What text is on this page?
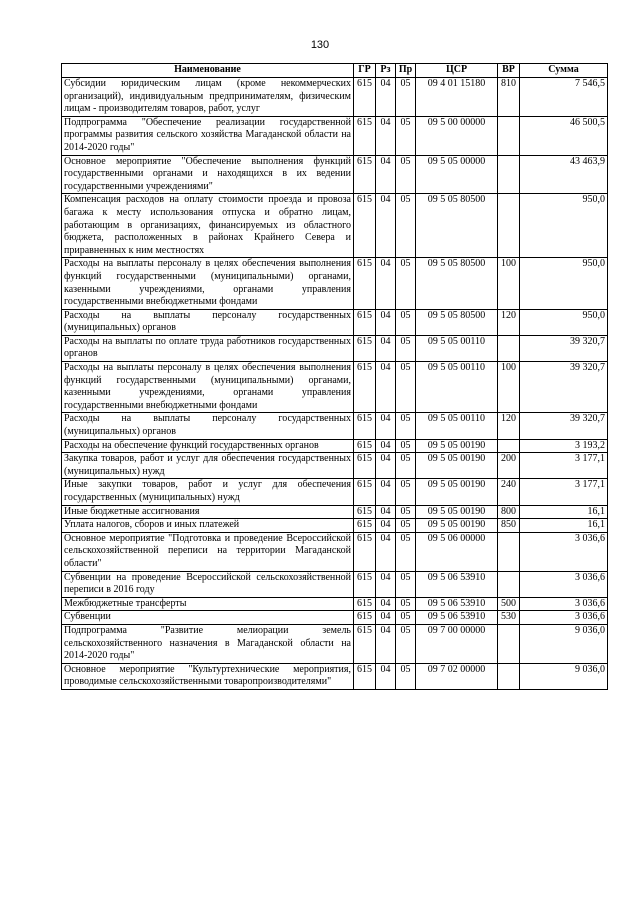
130
Наименование	ГР	Рз	Пр	ЦСР	ВР	Сумма
Субсидии юридическим лицам (кроме некоммерческих организаций), индивидуальным предпринимателям, физическим лицам - производителям товаров, работ, услуг	615	04	05	09 4 01 15180	810	7 546,5
Подпрограмма "Обеспечение реализации государственной программы развития сельского хозяйства Магаданской области на 2014-2020 годы"	615	04	05	09 5 00 00000		46 500,5
Основное мероприятие "Обеспечение выполнения функций государственными органами и находящихся в их ведении государственными учреждениями"	615	04	05	09 5 05 00000		43 463,9
Компенсация расходов на оплату стоимости проезда и провоза багажа к месту использования отпуска и обратно лицам, работающим в организациях, финансируемых из областного бюджета, расположенных в районах Крайнего Севера и приравненных к ним местностях	615	04	05	09 5 05 80500		950,0
Расходы на выплаты персоналу в целях обеспечения выполнения функций государственными (муниципальными) органами, казенными учреждениями, органами управления государственными внебюджетными фондами	615	04	05	09 5 05 80500	100	950,0
Расходы на выплаты персоналу государственных (муниципальных) органов	615	04	05	09 5 05 80500	120	950,0
Расходы на выплаты по оплате труда работников государственных органов	615	04	05	09 5 05 00110		39 320,7
Расходы на выплаты персоналу в целях обеспечения выполнения функций государственными (муниципальными) органами, казенными учреждениями, органами управления государственными внебюджетными фондами	615	04	05	09 5 05 00110	100	39 320,7
Расходы на выплаты персоналу государственных (муниципальных) органов	615	04	05	09 5 05 00110	120	39 320,7
Расходы на обеспечение функций государственных органов	615	04	05	09 5 05 00190		3 193,2
Закупка товаров, работ и услуг для обеспечения государственных (муниципальных) нужд	615	04	05	09 5 05 00190	200	3 177,1
Иные закупки товаров, работ и услуг для обеспечения государственных (муниципальных) нужд	615	04	05	09 5 05 00190	240	3 177,1
Иные бюджетные ассигнования	615	04	05	09 5 05 00190	800	16,1
Уплата налогов, сборов и иных платежей	615	04	05	09 5 05 00190	850	16,1
Основное мероприятие "Подготовка и проведение Всероссийской сельскохозяйственной переписи на территории Магаданской области"	615	04	05	09 5 06 00000		3 036,6
Субвенции на проведение Всероссийской сельскохозяйственной переписи в 2016 году	615	04	05	09 5 06 53910		3 036,6
Межбюджетные трансферты	615	04	05	09 5 06 53910	500	3 036,6
Субвенции	615	04	05	09 5 06 53910	530	3 036,6
Подпрограмма "Развитие мелиорации земель сельскохозяйственного назначения в Магаданской области на 2014-2020 годы"	615	04	05	09 7 00 00000		9 036,0
Основное мероприятие "Культуртехнические мероприятия, проводимые сельскохозяйственными товаропроизводителями"	615	04	05	09 7 02 00000		9 036,0
